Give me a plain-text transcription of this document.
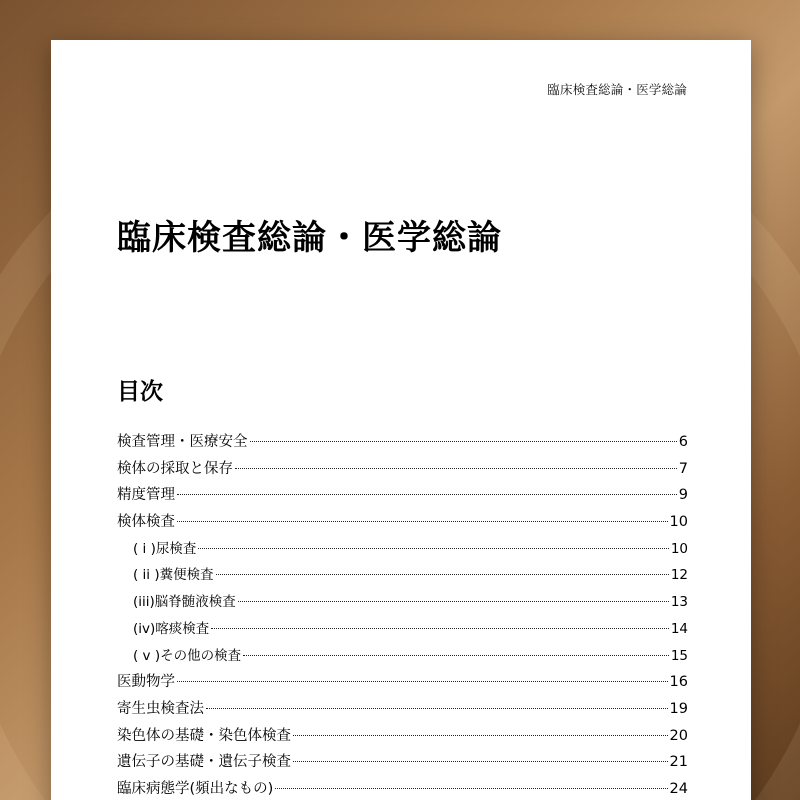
臨床検査総論・医学総論
臨床検査総論・医学総論
目次
検査管理・医療安全	6
検体の採取と保存	7
精度管理	9
検体検査	10
( i )尿検査	10
( ii )糞便検査	12
(iii)脳脊髄液検査	13
(iv)喀痰検査	14
( v )その他の検査	15
医動物学	16
寄生虫検査法	19
染色体の基礎・染色体検査	20
遺伝子の基礎・遺伝子検査	21
臨床病態学(頻出なもの)	24
